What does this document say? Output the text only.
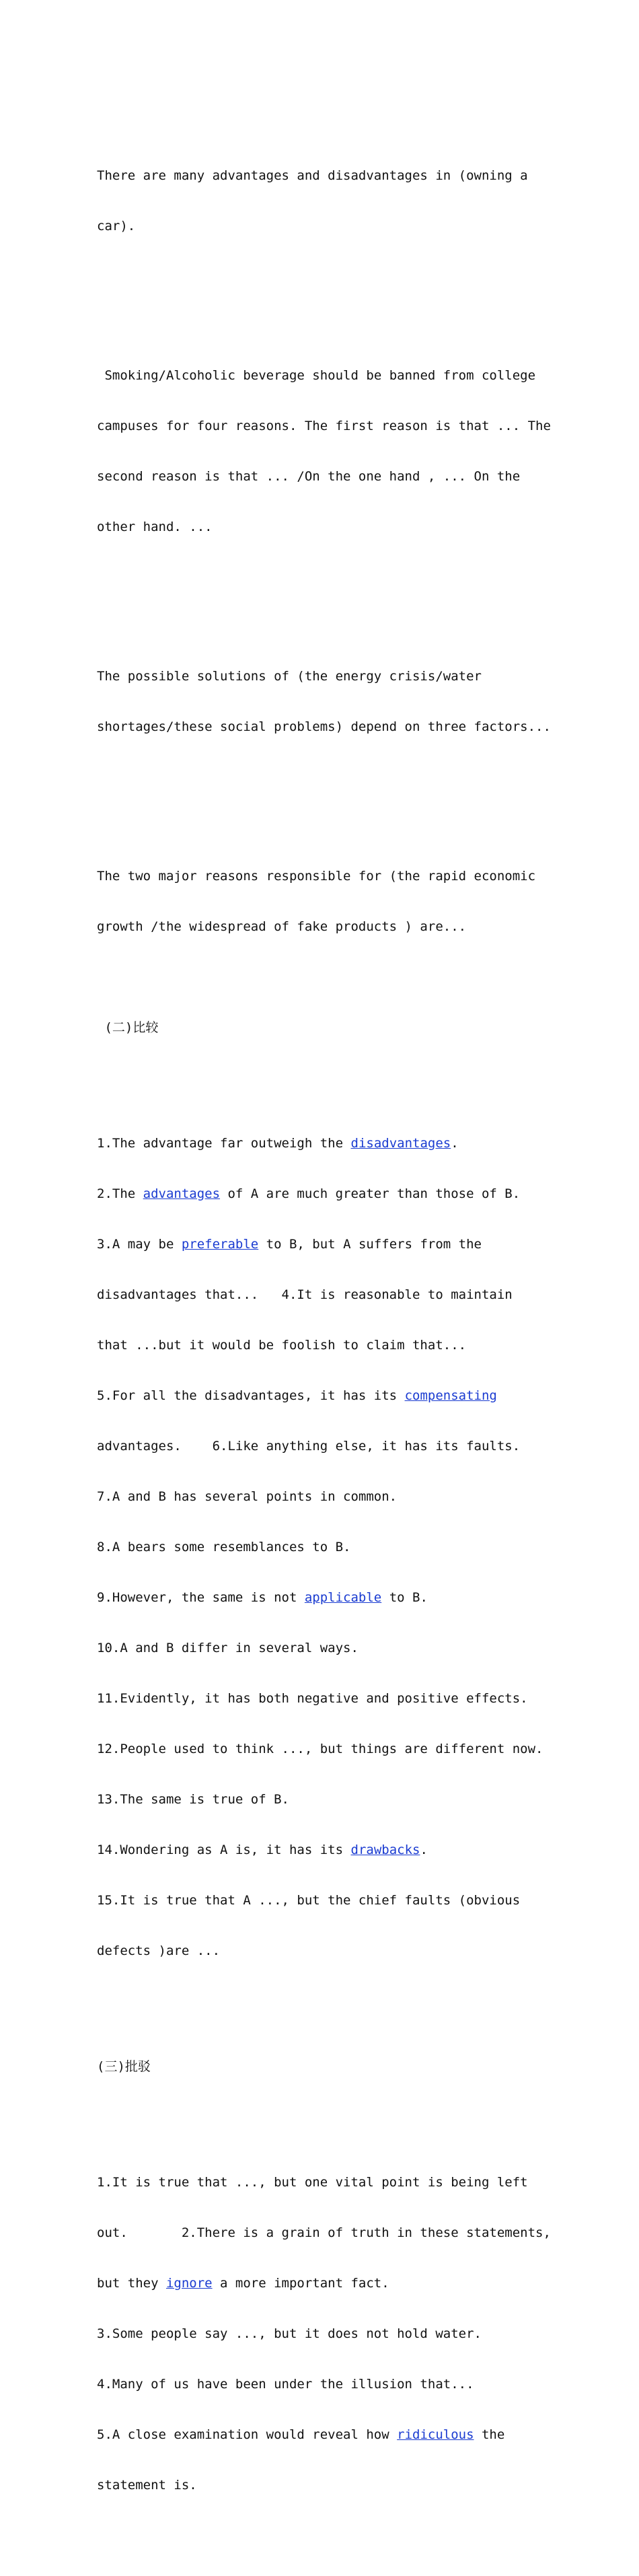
There are many advantages and disadvantages in (owning a

car).

Smoking/Alcoholic beverage should be banned from college

campuses for four reasons. The first reason is that ... The

second reason is that ... /On the one hand , ... On the

other hand. ...

The possible solutions of (the energy crisis/water

shortages/these social problems) depend on three factors...

The two major reasons responsible for (the rapid economic

growth /the widespread of fake products ) are...

(二)比较

1.The advantage far outweigh the disadvantages.

2.The advantages of A are much greater than those of B.

3.A may be preferable to B, but A suffers from the

disadvantages that...   4.It is reasonable to maintain

that ...but it would be foolish to claim that...

5.For all the disadvantages, it has its compensating

advantages.    6.Like anything else, it has its faults.

7.A and B has several points in common.

8.A bears some resemblances to B.

9.However, the same is not applicable to B.

10.A and B differ in several ways.

11.Evidently, it has both negative and positive effects.

12.People used to think ..., but things are different now.

13.The same is true of B.

14.Wondering as A is, it has its drawbacks.

15.It is true that A ..., but the chief faults (obvious

defects )are ...

(三)批驳

1.It is true that ..., but one vital point is being left

out.       2.There is a grain of truth in these statements,

but they ignore a more important fact.

3.Some people say ..., but it does not hold water.

4.Many of us have been under the illusion that...

5.A close examination would reveal how ridiculous the

statement is.
